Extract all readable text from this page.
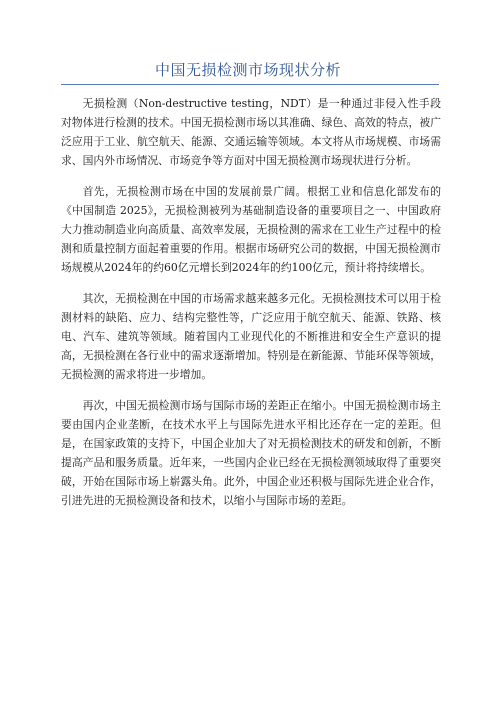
中国无损检测市场现状分析

无损检测（Non-destructive testing，NDT）是一种通过非侵入性手段对物体进行检测的技术。中国无损检测市场以其准确、绿色、高效的特点，被广泛应用于工业、航空航天、能源、交通运输等领域。本文将从市场规模、市场需求、国内外市场情况、市场竞争等方面对中国无损检测市场现状进行分析。

首先，无损检测市场在中国的发展前景广阔。根据工业和信息化部发布的《中国制造 2025》，无损检测被列为基础制造设备的重要项目之一、中国政府大力推动制造业向高质量、高效率发展，无损检测的需求在工业生产过程中的检测和质量控制方面起着重要的作用。根据市场研究公司的数据，中国无损检测市场规模从2024年的约60亿元增长到2024年的约100亿元，预计将持续增长。

其次，无损检测在中国的市场需求越来越多元化。无损检测技术可以用于检测材料的缺陷、应力、结构完整性等，广泛应用于航空航天、能源、铁路、核电、汽车、建筑等领域。随着国内工业现代化的不断推进和安全生产意识的提高，无损检测在各行业中的需求逐渐增加。特别是在新能源、节能环保等领域，无损检测的需求将进一步增加。

再次，中国无损检测市场与国际市场的差距正在缩小。中国无损检测市场主要由国内企业垄断，在技术水平上与国际先进水平相比还存在一定的差距。但是，在国家政策的支持下，中国企业加大了对无损检测技术的研发和创新，不断提高产品和服务质量。近年来，一些国内企业已经在无损检测领域取得了重要突破，开始在国际市场上崭露头角。此外，中国企业还积极与国际先进企业合作，引进先进的无损检测设备和技术，以缩小与国际市场的差距。
